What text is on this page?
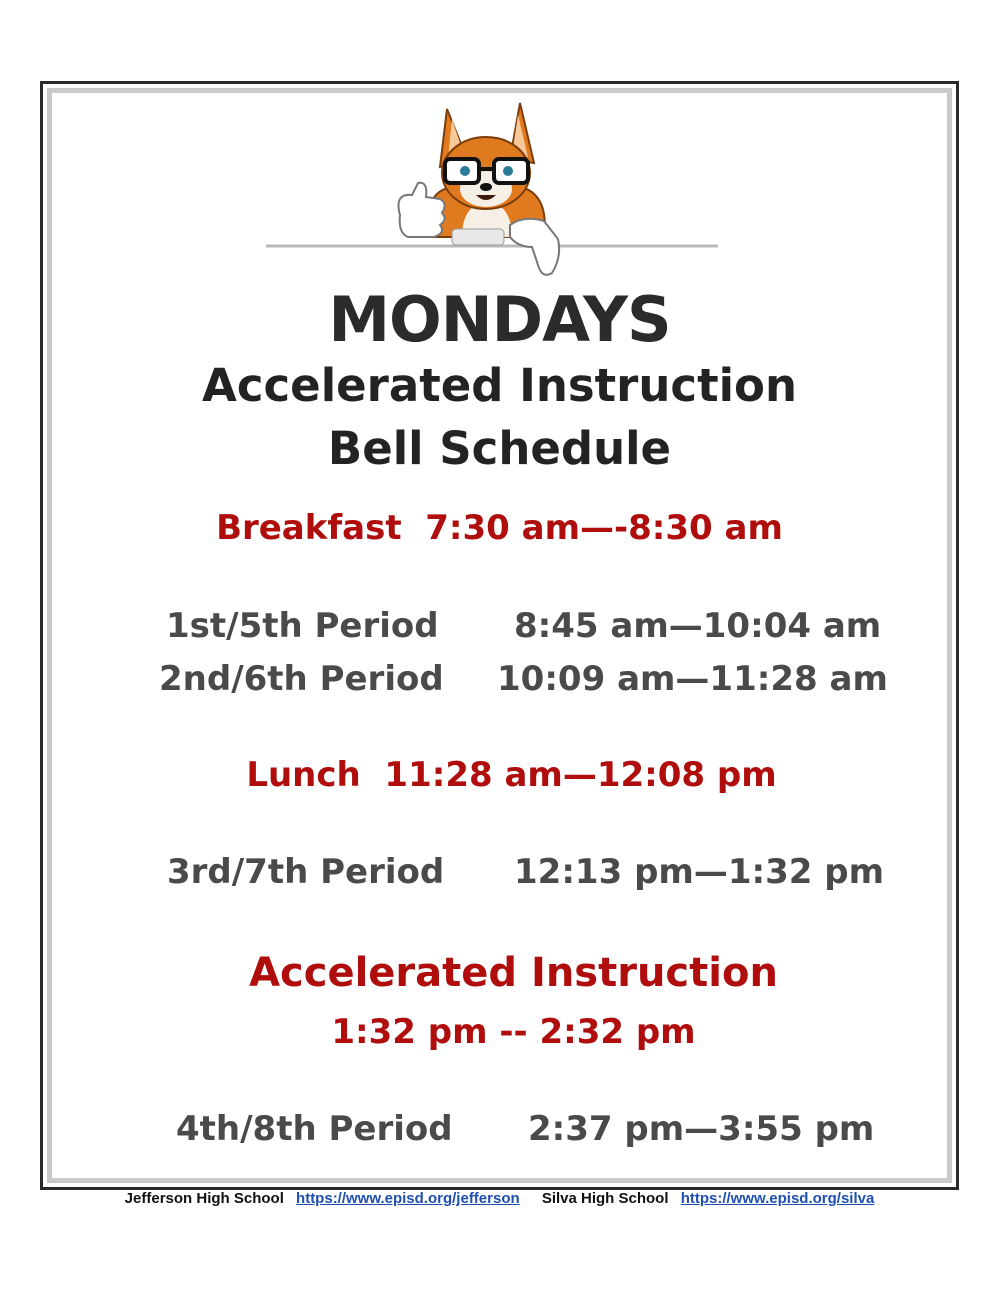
MONDAYS
Accelerated Instruction
Bell Schedule

Breakfast  7:30 am—-8:30 am

1st/5th Period 8:45 am—10:04 am

2nd/6th Period 10:09 am—11:28 am

Lunch  11:28 am—12:08 pm

3rd/7th Period 12:13 pm—1:32 pm

Accelerated Instruction

1:32 pm -- 2:32 pm

4th/8th Period 2:37 pm—3:55 pm

Jefferson High School https://www.episd.org/jefferson Silva High School https://www.episd.org/silva
